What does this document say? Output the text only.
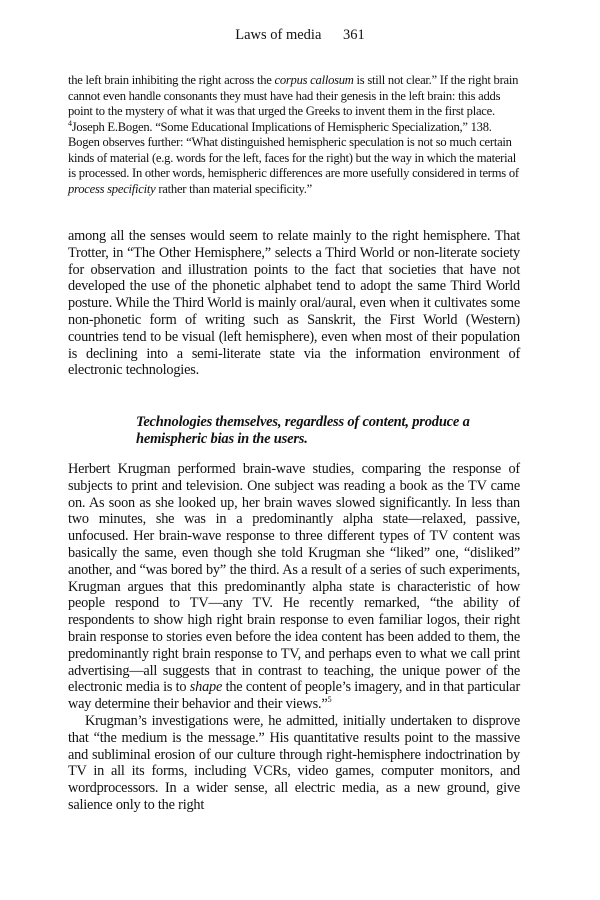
Laws of media 361

the left brain inhibiting the right across the corpus callosum is still not clear.” If the right brain cannot even handle consonants they must have had their genesis in the left brain: this adds point to the mystery of what it was that urged the Greeks to invent them in the first place.

$^4$Joseph E.Bogen. “Some Educational Implications of Hemispheric Specialization,” 138. Bogen observes further: “What distinguished hemispheric speculation is not so much certain kinds of material (e.g. words for the left, faces for the right) but the way in which the material is processed. In other words, hemispheric differences are more usefully considered in terms of process specificity rather than material specificity.”

among all the senses would seem to relate mainly to the right hemisphere. That Trotter, in “The Other Hemisphere,” selects a Third World or non-literate society for observation and illustration points to the fact that societies that have not developed the use of the phonetic alphabet tend to adopt the same Third World posture. While the Third World is mainly oral/aural, even when it cultivates some non-phonetic form of writing such as Sanskrit, the First World (Western) countries tend to be visual (left hemisphere), even when most of their population is declining into a semi-literate state via the information environment of electronic technologies.

Technologies themselves, regardless of content, produce a hemispheric bias in the users.

Herbert Krugman performed brain-wave studies, comparing the response of subjects to print and television. One subject was reading a book as the TV came on. As soon as she looked up, her brain waves slowed significantly. In less than two minutes, she was in a predominantly alpha state—relaxed, passive, unfocused. Her brain-wave response to three different types of TV content was basically the same, even though she told Krugman she “liked” one, “disliked” another, and “was bored by” the third. As a result of a series of such experiments, Krugman argues that this predominantly alpha state is characteristic of how people respond to TV—any TV. He recently remarked, “the ability of respondents to show high right brain response to even familiar logos, their right brain response to stories even before the idea content has been added to them, the predominantly right brain response to TV, and perhaps even to what we call print advertising—all suggests that in contrast to teaching, the unique power of the electronic media is to shape the content of people’s imagery, and in that particular way determine their behavior and their views.”$^5$

Krugman’s investigations were, he admitted, initially undertaken to disprove that “the medium is the message.” His quantitative results point to the massive and subliminal erosion of our culture through right-hemisphere indoctrination by TV in all its forms, including VCRs, video games, computer monitors, and wordprocessors. In a wider sense, all electric media, as a new ground, give salience only to the right
